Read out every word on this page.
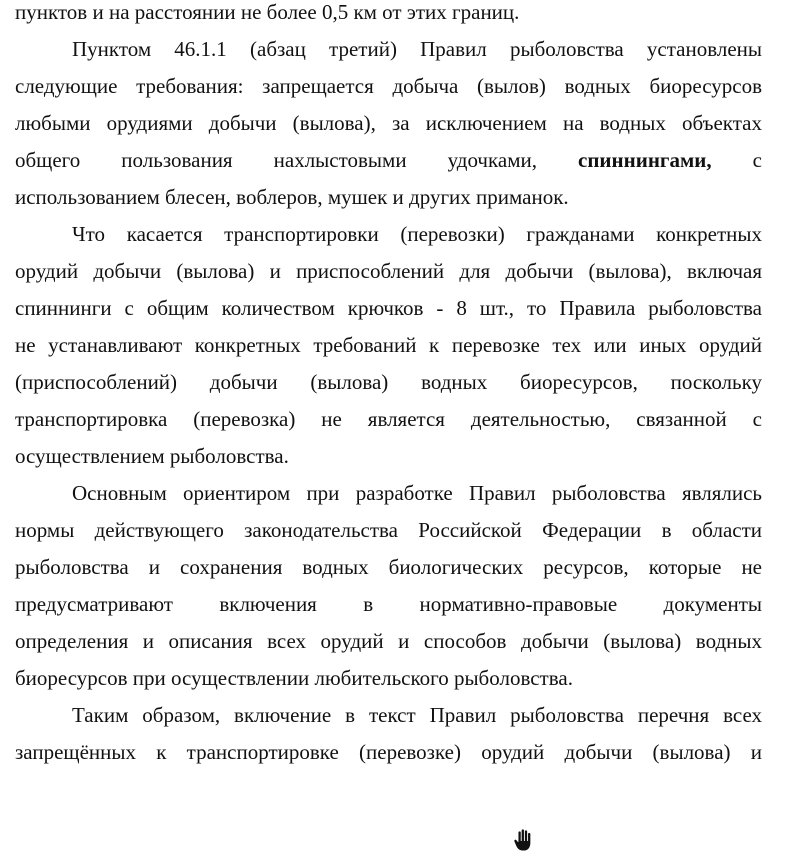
пунктов и на расстоянии не более 0,5 км от этих границ.

Пунктом 46.1.1 (абзац третий) Правил рыболовства установлены
следующие требования: запрещается добыча (вылов) водных биоресурсов
любыми орудиями добычи (вылова), за исключением на водных объектах
общего пользования нахлыстовыми удочками, спиннингами, с
использованием блесен, воблеров, мушек и других приманок.

Что касается транспортировки (перевозки) гражданами конкретных
орудий добычи (вылова) и приспособлений для добычи (вылова), включая
спиннинги с общим количеством крючков - 8 шт., то Правила рыболовства
не устанавливают конкретных требований к перевозке тех или иных орудий
(приспособлений) добычи (вылова) водных биоресурсов, поскольку
транспортировка (перевозка) не является деятельностью, связанной с
осуществлением рыболовства.

Основным ориентиром при разработке Правил рыболовства являлись
нормы действующего законодательства Российской Федерации в области
рыболовства и сохранения водных биологических ресурсов, которые не
предусматривают включения в нормативно-правовые документы
определения и описания всех орудий и способов добычи (вылова) водных
биоресурсов при осуществлении любительского рыболовства.

Таким образом, включение в текст Правил рыболовства перечня всех
запрещённых к транспортировке (перевозке) орудий добычи (вылова) и
